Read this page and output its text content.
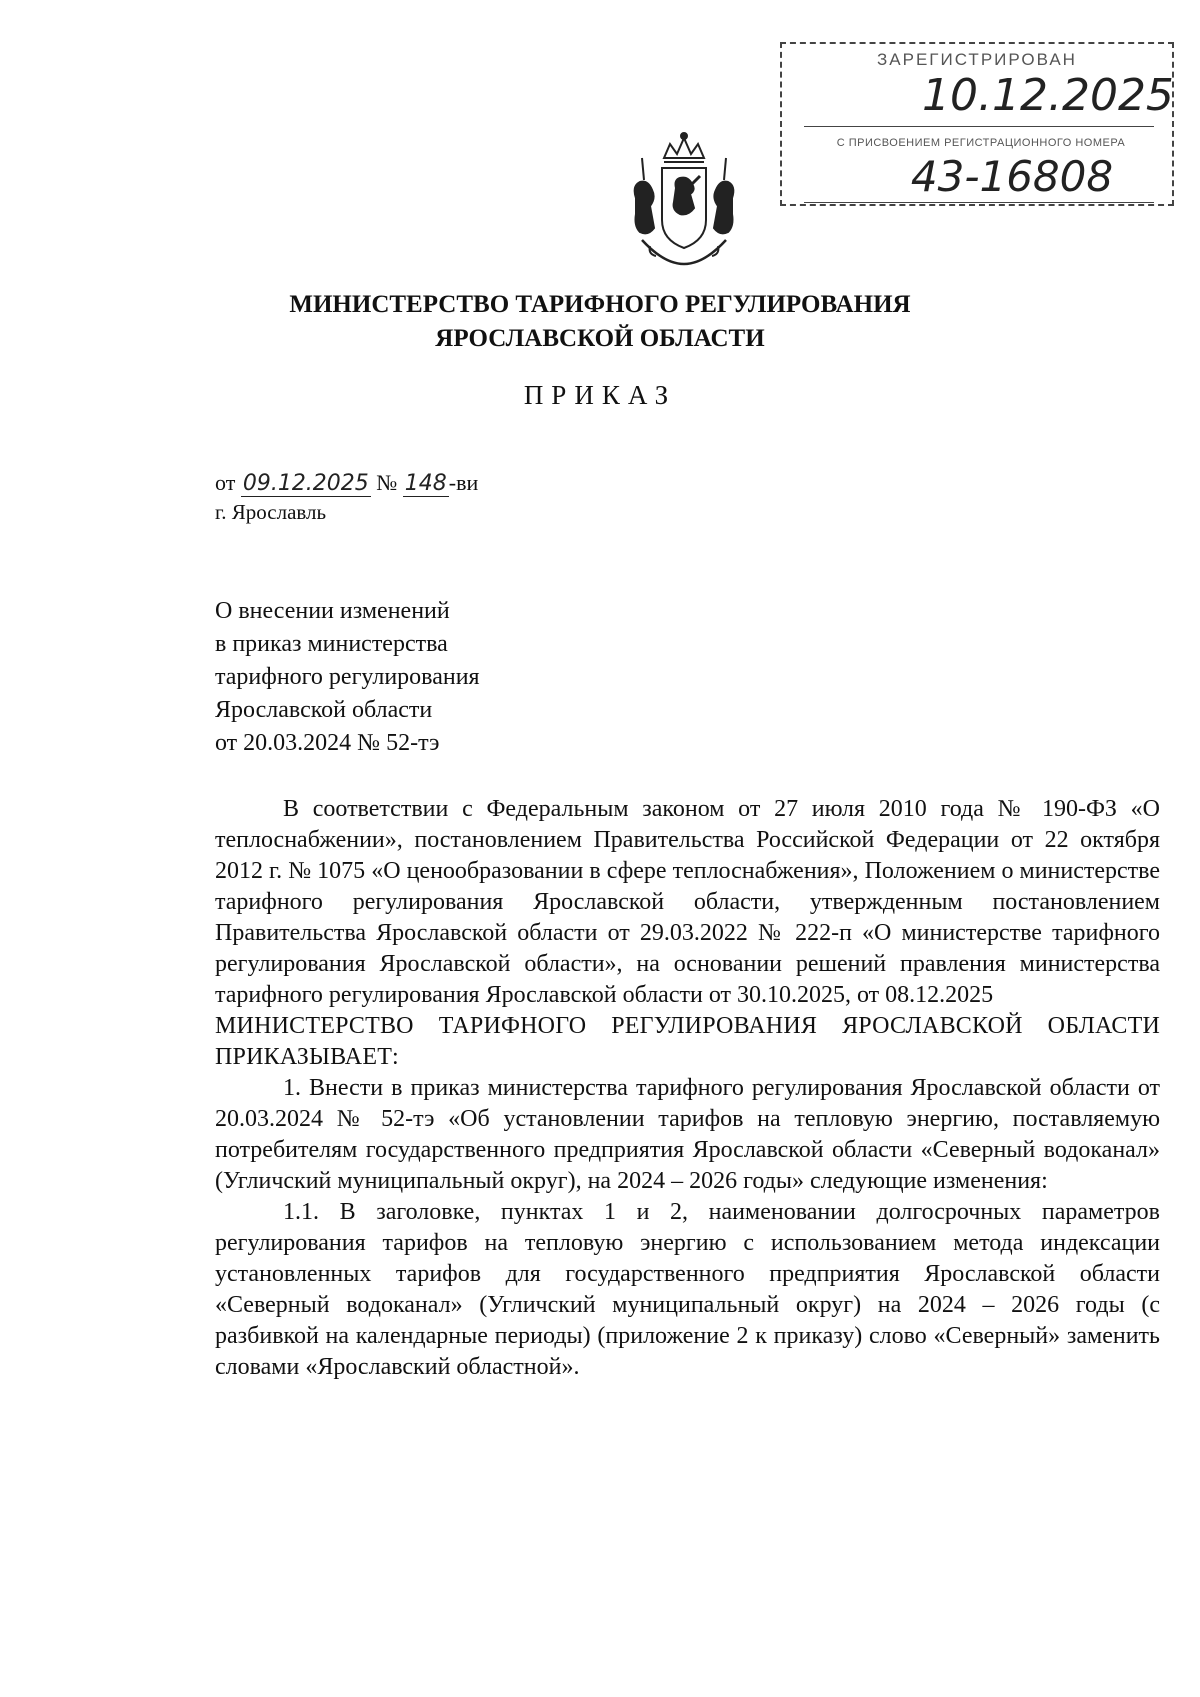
ЗАРЕГИСТРИРОВАН
10.12.2025
С ПРИСВОЕНИЕМ РЕГИСТРАЦИОННОГО НОМЕРА
43-16808
МИНИСТЕРСТВО ТАРИФНОГО РЕГУЛИРОВАНИЯ
ЯРОСЛАВСКОЙ ОБЛАСТИ
ПРИКАЗ
от 09.12.2025 № 148-ви
г. Ярославль
О внесении изменений
в приказ министерства
тарифного регулирования
Ярославской области
от 20.03.2024 № 52-тэ

В соответствии с Федеральным законом от 27 июля 2010 года № 190-ФЗ «О теплоснабжении», постановлением Правительства Российской Федерации от 22 октября 2012 г. № 1075 «О ценообразовании в сфере теплоснабжения», Положением о министерстве тарифного регулирования Ярославской области, утвержденным постановлением Правительства Ярославской области от 29.03.2022 № 222-п «О министерстве тарифного регулирования Ярославской области», на основании решений правления министерства тарифного регулирования Ярославской области от 30.10.2025, от 08.12.2025

МИНИСТЕРСТВО ТАРИФНОГО РЕГУЛИРОВАНИЯ ЯРОСЛАВСКОЙ ОБЛАСТИ ПРИКАЗЫВАЕТ:

1. Внести в приказ министерства тарифного регулирования Ярославской области от 20.03.2024 № 52-тэ «Об установлении тарифов на тепловую энергию, поставляемую потребителям государственного предприятия Ярославской области «Северный водоканал» (Угличский муниципальный округ), на 2024 – 2026 годы» следующие изменения:

1.1. В заголовке, пунктах 1 и 2, наименовании долгосрочных параметров регулирования тарифов на тепловую энергию с использованием метода индексации установленных тарифов для государственного предприятия Ярославской области «Северный водоканал» (Угличский муниципальный округ) на 2024 – 2026 годы (с разбивкой на календарные периоды) (приложение 2 к приказу) слово «Северный» заменить словами «Ярославский областной».
